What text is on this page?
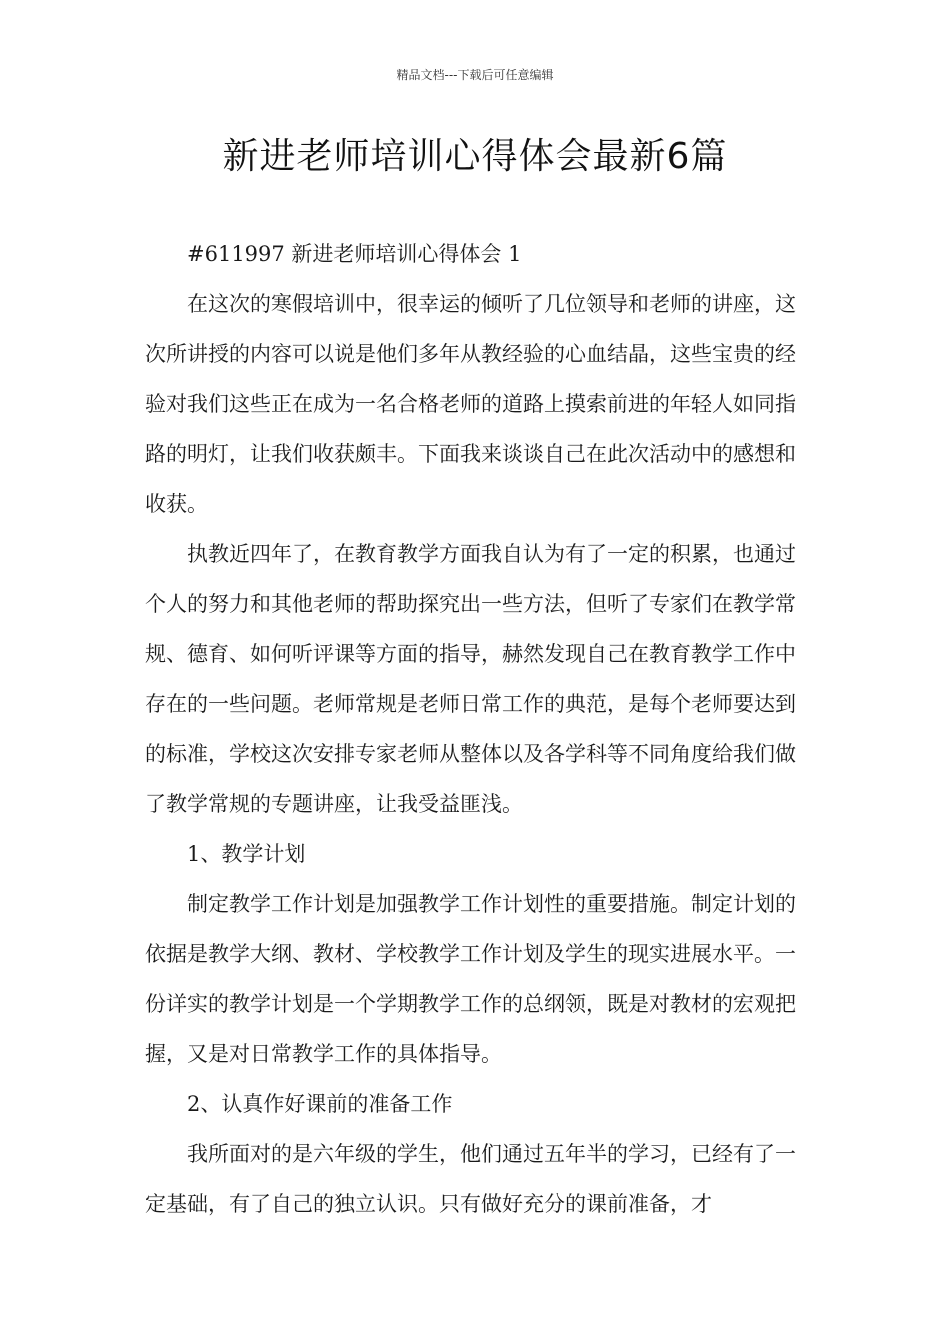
精品文档---下载后可任意编辑
新进老师培训心得体会最新6篇

#611997 新进老师培训心得体会 1

在这次的寒假培训中，很幸运的倾听了几位领导和老师的讲座，这次所讲授的内容可以说是他们多年从教经验的心血结晶，这些宝贵的经验对我们这些正在成为一名合格老师的道路上摸索前进的年轻人如同指路的明灯，让我们收获颇丰。下面我来谈谈自己在此次活动中的感想和收获。

执教近四年了，在教育教学方面我自认为有了一定的积累，也通过个人的努力和其他老师的帮助探究出一些方法，但听了专家们在教学常规、德育、如何听评课等方面的指导，赫然发现自己在教育教学工作中存在的一些问题。老师常规是老师日常工作的典范，是每个老师要达到的标准，学校这次安排专家老师从整体以及各学科等不同角度给我们做了教学常规的专题讲座，让我受益匪浅。

1、教学计划

制定教学工作计划是加强教学工作计划性的重要措施。制定计划的依据是教学大纲、教材、学校教学工作计划及学生的现实进展水平。一份详实的教学计划是一个学期教学工作的总纲领，既是对教材的宏观把握，又是对日常教学工作的具体指导。

2、认真作好课前的准备工作

我所面对的是六年级的学生，他们通过五年半的学习，已经有了一定基础，有了自己的独立认识。只有做好充分的课前准备，才
